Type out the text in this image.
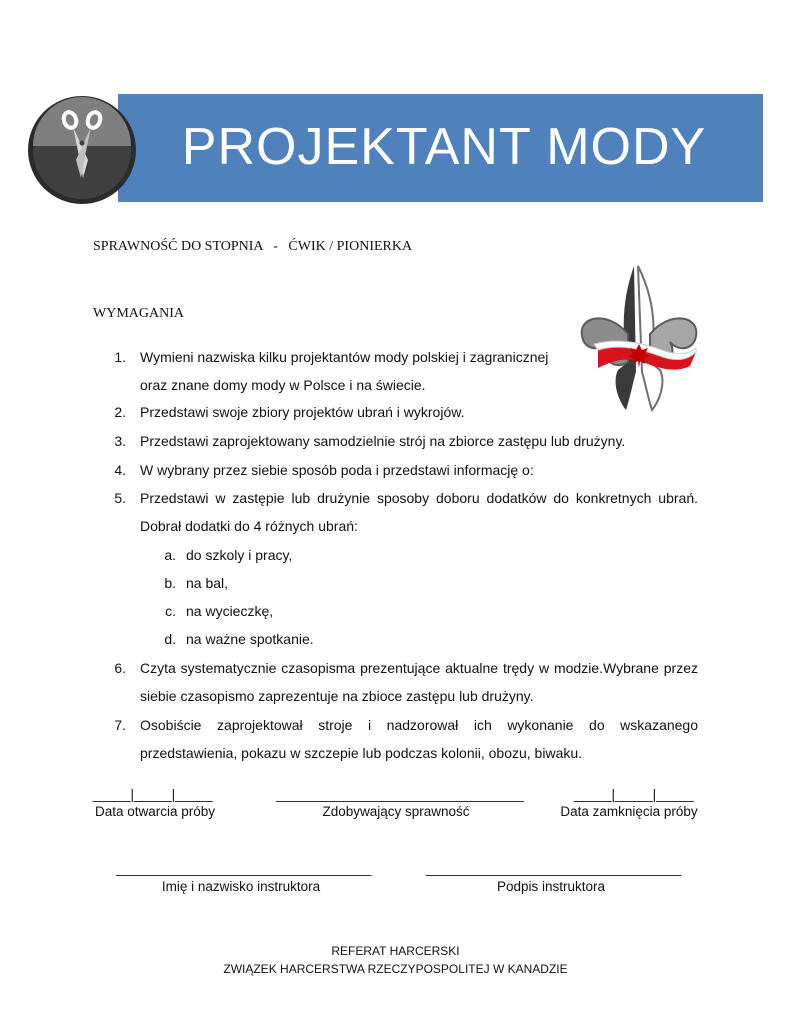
PROJEKTANT MODY
SPRAWNOŚĆ DO STOPNIA   -   ĆWIK / PIONIERKA
WYMAGANIA
1. Wymieni nazwiska kilku projektantów mody polskiej i zagranicznej
oraz znane domy mody w Polsce i na świecie.
2. Przedstawi swoje zbiory projektów ubrań i wykrojów.
3. Przedstawi zaprojektowany samodzielnie strój na zbiorce zastępu lub drużyny.
4. W wybrany przez siebie sposób poda i przedstawi informację o:
5. Przedstawi w zastępie lub drużynie sposoby doboru dodatków do konkretnych ubrań.
Dobrał dodatki do 4 różnych ubrań:
a. do szkoly i pracy,
b. na bal,
c. na wycieczkę,
d. na ważne spotkanie.
6. Czyta systematycznie czasopisma prezentujące aktualne trędy w modzie.Wybrane przez
siebie czasopismo zaprezentuje na zbioce zastępu lub drużyny.
7. Osobiście zaprojektował stroje i nadzorował ich wykonanie do wskazanego
przedstawienia, pokazu w szczepie lub podczas kolonii, obozu, biwaku.
_____|_____|_____	_________________________________	_____|_____|_____
Data otwarcia próby	Zdobywający sprawność	Data zamknięcia próby
__________________________________	__________________________________
Imię i nazwisko instruktora	Podpis instruktora
REFERAT HARCERSKI
ZWIĄZEK HARCERSTWA RZECZYPOSPOLITEJ W KANADZIE
